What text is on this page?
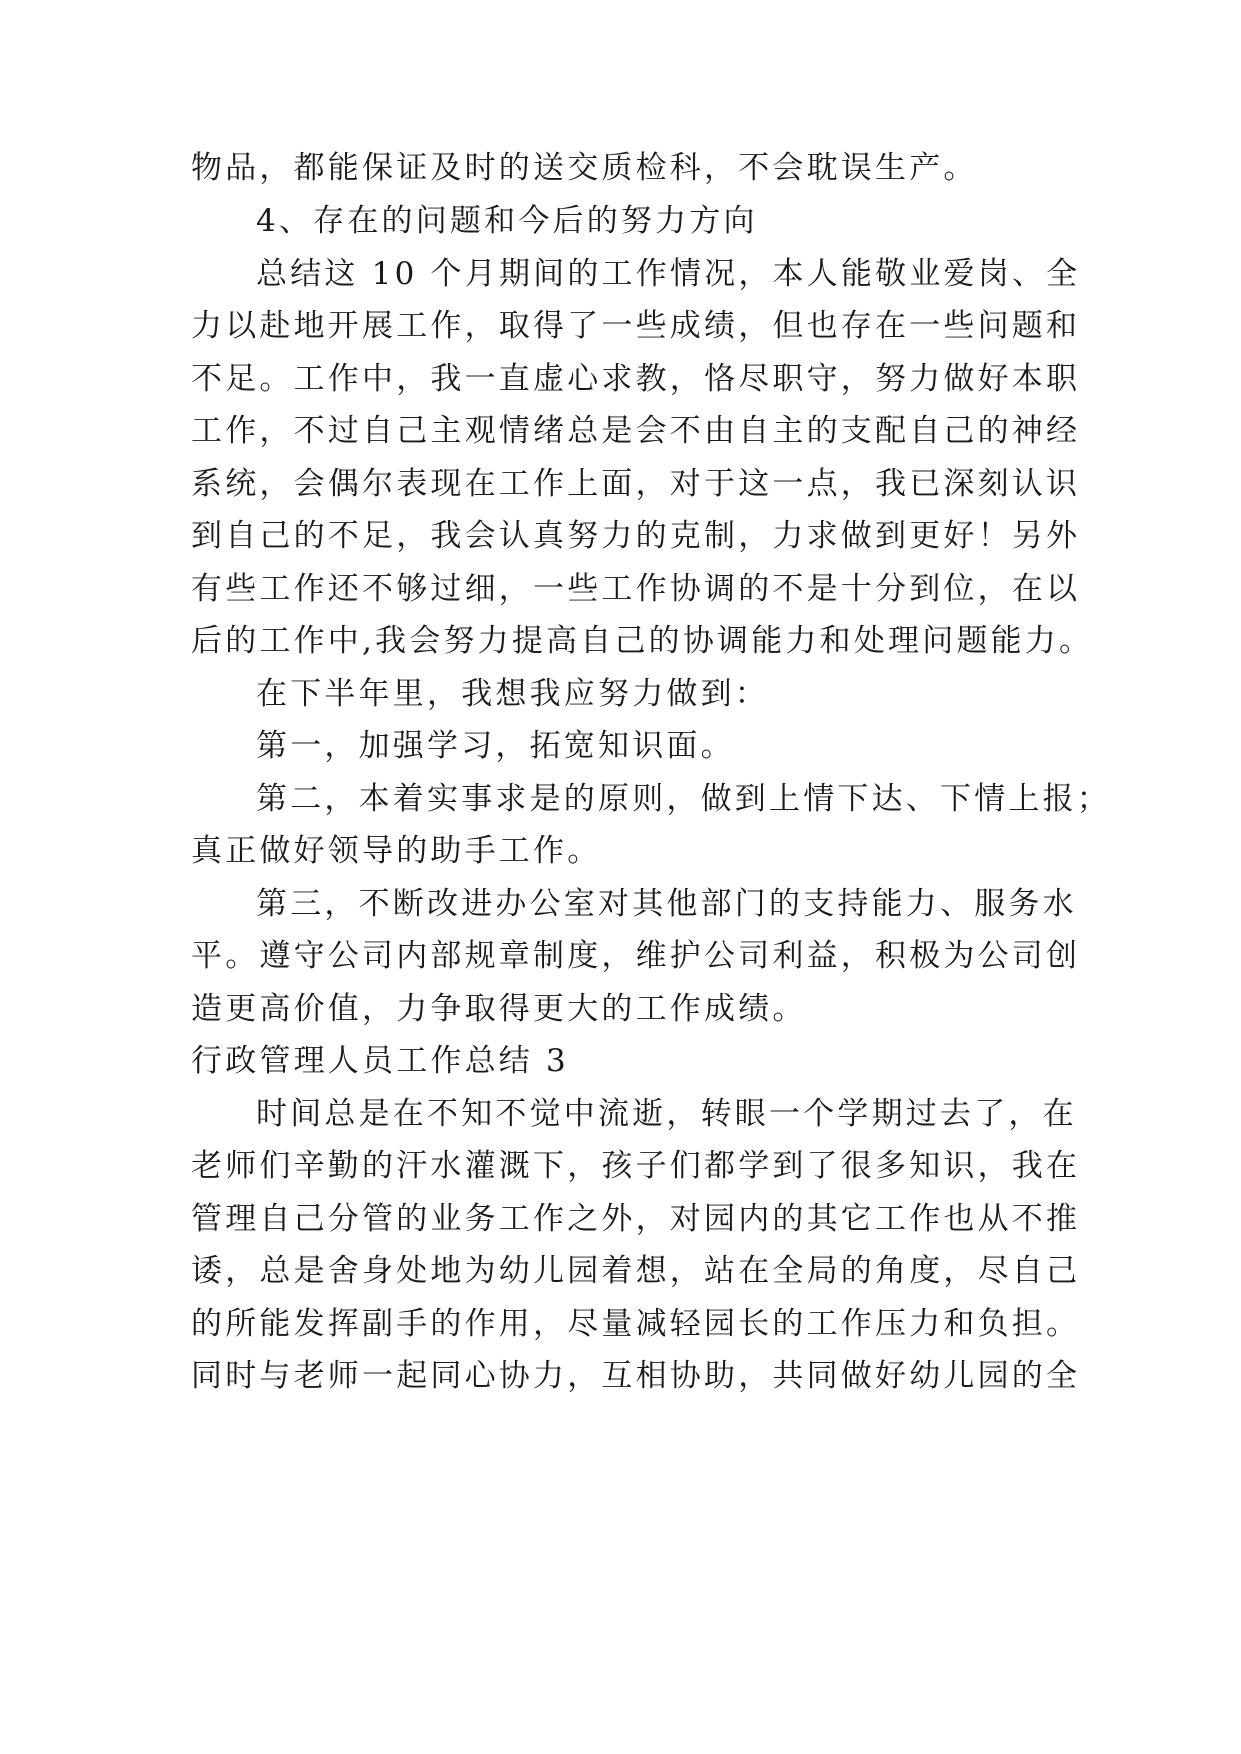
物品，都能保证及时的送交质检科，不会耽误生产。
4、存在的问题和今后的努力方向
总结这 10 个月期间的工作情况，本人能敬业爱岗、全
力以赴地开展工作，取得了一些成绩，但也存在一些问题和
不足。工作中，我一直虚心求教，恪尽职守，努力做好本职
工作，不过自己主观情绪总是会不由自主的支配自己的神经
系统，会偶尔表现在工作上面，对于这一点，我已深刻认识
到自己的不足，我会认真努力的克制，力求做到更好！另外
有些工作还不够过细，一些工作协调的不是十分到位，在以
后的工作中,我会努力提高自己的协调能力和处理问题能力。
在下半年里，我想我应努力做到：
第一，加强学习，拓宽知识面。
第二，本着实事求是的原则，做到上情下达、下情上报；
真正做好领导的助手工作。
第三，不断改进办公室对其他部门的支持能力、服务水
平。遵守公司内部规章制度，维护公司利益，积极为公司创
造更高价值，力争取得更大的工作成绩。
行政管理人员工作总结 3
时间总是在不知不觉中流逝，转眼一个学期过去了，在
老师们辛勤的汗水灌溉下，孩子们都学到了很多知识，我在
管理自己分管的业务工作之外，对园内的其它工作也从不推
诿，总是舍身处地为幼儿园着想，站在全局的角度，尽自己
的所能发挥副手的作用，尽量减轻园长的工作压力和负担。
同时与老师一起同心协力，互相协助，共同做好幼儿园的全
